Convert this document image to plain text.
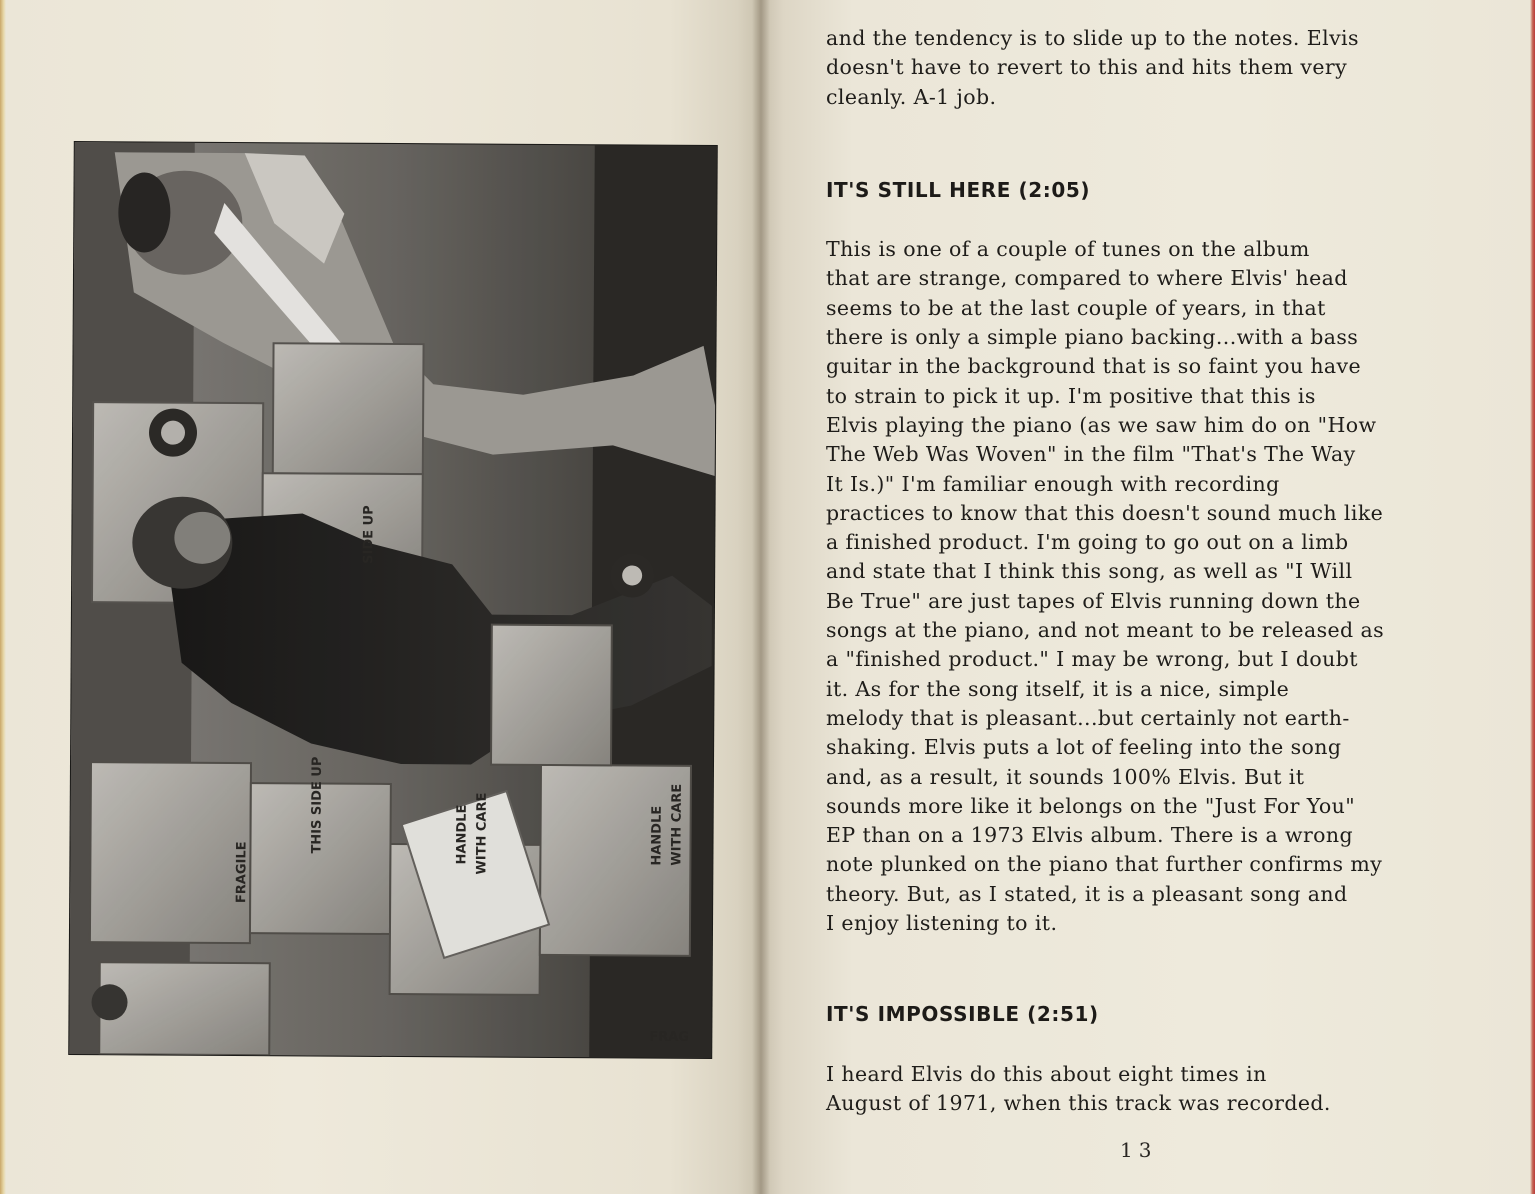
HANDLE WITH CARE
THIS SIDE UP
FRAGILE
SIDE UP
HANDLE WITH CARE
FRAG

and the tendency is to slide up to the notes. Elvis
doesn't have to revert to this and hits them very
cleanly. A-1 job.

IT'S STILL HERE (2:05)

This is one of a couple of tunes on the album
that are strange, compared to where Elvis' head
seems to be at the last couple of years, in that
there is only a simple piano backing...with a bass
guitar in the background that is so faint you have
to strain to pick it up. I'm positive that this is
Elvis playing the piano (as we saw him do on "How
The Web Was Woven" in the film "That's The Way
It Is.)" I'm familiar enough with recording
practices to know that this doesn't sound much like
a finished product. I'm going to go out on a limb
and state that I think this song, as well as "I Will
Be True" are just tapes of Elvis running down the
songs at the piano, and not meant to be released as
a "finished product." I may be wrong, but I doubt
it. As for the song itself, it is a nice, simple
melody that is pleasant...but certainly not earth-
shaking. Elvis puts a lot of feeling into the song
and, as a result, it sounds 100% Elvis. But it
sounds more like it belongs on the "Just For You"
EP than on a 1973 Elvis album. There is a wrong
note plunked on the piano that further confirms my
theory. But, as I stated, it is a pleasant song and
I enjoy listening to it.

IT'S IMPOSSIBLE (2:51)

I heard Elvis do this about eight times in
August of 1971, when this track was recorded.

13
